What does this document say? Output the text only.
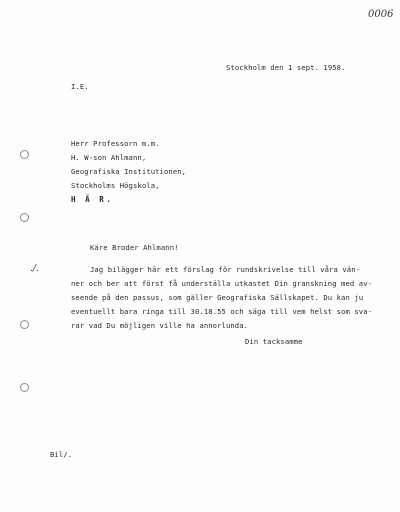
0006
Stockholm den 1 sept. 1958.
I.E.
Herr Professorn m.m.
H. W-son Ahlmann,
Geografiska Institutionen,
Stockholms Högskola,
H Ä R.
Käre Broder Ahlmann!
./.	Jag bilägger här ett förslag för rundskrivelse till våra vän-
ner och ber att först få underställa utkastet Din granskning med av-
seende på den passus, som gäller Geografiska Sällskapet. Du kan ju
eventuellt bara ringa till 30.18.55 och säga till vem helst som sva-
rar vad Du möjligen ville ha annorlunda.
Din tacksamme
Bil/.
